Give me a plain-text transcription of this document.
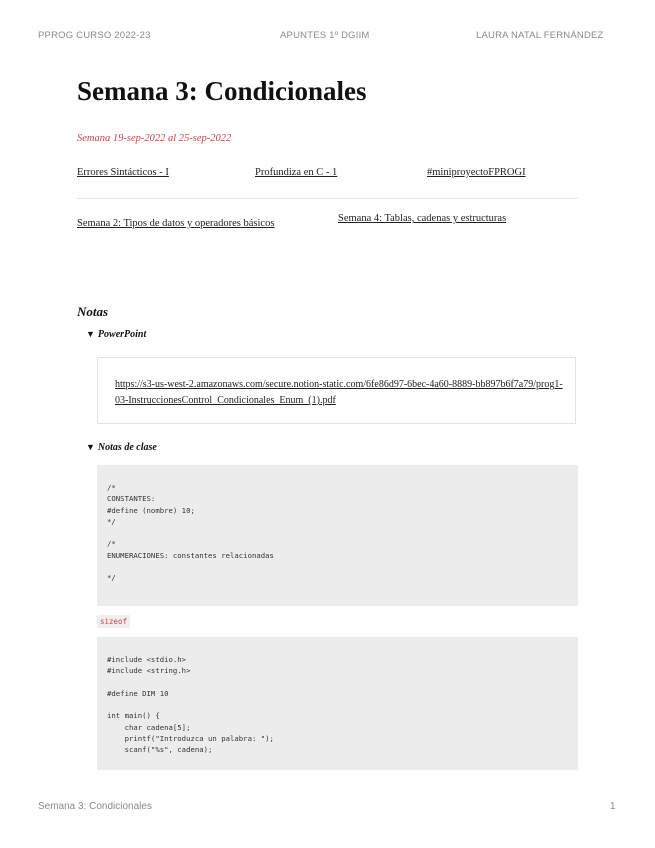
PPROG CURSO 2022-23	APUNTES 1º DGIIM	LAURA NATAL FERNÁNDEZ
Semana 3: Condicionales
Semana 19-sep-2022 al 25-sep-2022
Errores Sintácticos - I	Profundiza en C - 1	#miniproyectoFPROGI
Semana 2: Tipos de datos y operadores básicos	Semana 4: Tablas, cadenas y estructuras
Notas
▼ PowerPoint
https://s3-us-west-2.amazonaws.com/secure.notion-static.com/6fe86d97-6bec-4a60-8889-bb897b6f7a79/prog1-03-InstruccionesControl_Condicionales_Enum_(1).pdf
▼ Notas de clase
/*
CONSTANTES:
#define (nombre) 10;
*/

/*
ENUMERACIONES: constantes relacionadas

*/
sizeof
#include <stdio.h>
#include <string.h>

#define DIM 10

int main() {
char cadena[5];
printf("Introduzca un palabra: ");
scanf("%s", cadena);
Semana 3: Condicionales	1
